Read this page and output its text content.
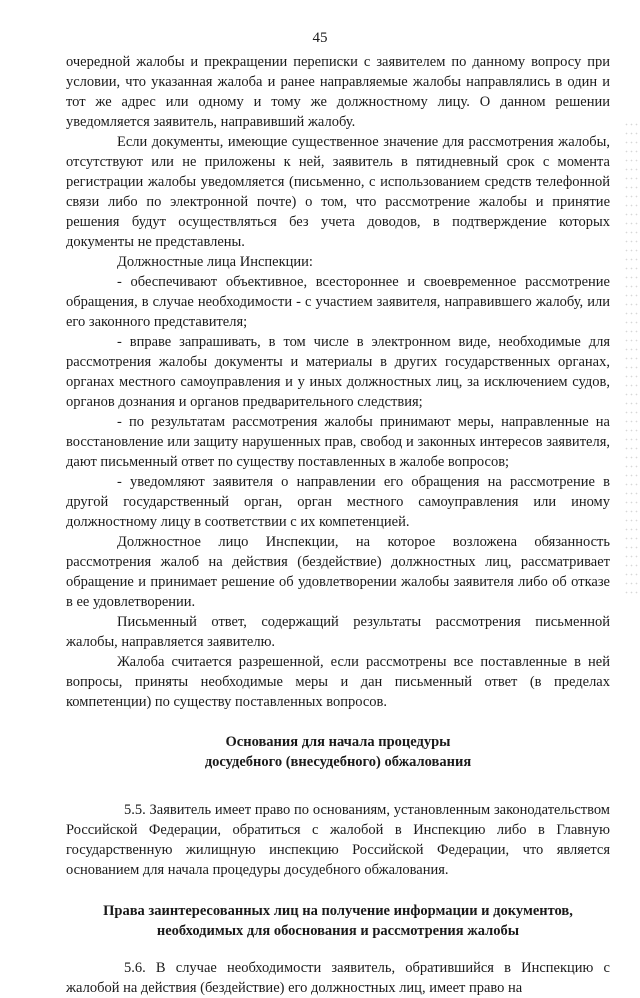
45

очередной жалобы и прекращении переписки с заявителем по данному вопросу при условии, что указанная жалоба и ранее направляемые жалобы направлялись в один и тот же адрес или одному и тому же должностному лицу. О данном решении уведомляется заявитель, направивший жалобу.

Если документы, имеющие существенное значение для рассмотрения жалобы, отсутствуют или не приложены к ней, заявитель в пятидневный срок с момента регистрации жалобы уведомляется (письменно, с использованием средств телефонной связи либо по электронной почте) о том, что рассмотрение жалобы и принятие решения будут осуществляться без учета доводов, в подтверждение которых документы не представлены.

Должностные лица Инспекции:

- обеспечивают объективное, всестороннее и своевременное рассмотрение обращения, в случае необходимости - с участием заявителя, направившего жалобу, или его законного представителя;

- вправе запрашивать, в том числе в электронном виде, необходимые для рассмотрения жалобы документы и материалы в других государственных органах, органах местного самоуправления и у иных должностных лиц, за исключением судов, органов дознания и органов предварительного следствия;

- по результатам рассмотрения жалобы принимают меры, направленные на восстановление или защиту нарушенных прав, свобод и законных интересов заявителя, дают письменный ответ по существу поставленных в жалобе вопросов;

- уведомляют заявителя о направлении его обращения на рассмотрение в другой государственный орган, орган местного самоуправления или иному должностному лицу в соответствии с их компетенцией.

Должностное лицо Инспекции, на которое возложена обязанность рассмотрения жалоб на действия (бездействие) должностных лиц, рассматривает обращение и принимает решение об удовлетворении жалобы заявителя либо об отказе в ее удовлетворении.

Письменный ответ, содержащий результаты рассмотрения письменной жалобы, направляется заявителю.

Жалоба считается разрешенной, если рассмотрены все поставленные в ней вопросы, приняты необходимые меры и дан письменный ответ (в пределах компетенции) по существу поставленных вопросов.

Основания для начала процедуры

досудебного (внесудебного) обжалования

5.5. Заявитель имеет право по основаниям, установленным законодательством Российской Федерации, обратиться с жалобой в Инспекцию либо в Главную государственную жилищную инспекцию Российской Федерации, что является основанием для начала процедуры досудебного обжалования.

Права заинтересованных лиц на получение информации и документов,

необходимых для обоснования и рассмотрения жалобы

5.6. В случае необходимости заявитель, обратившийся в Инспекцию с жалобой на действия (бездействие) его должностных лиц, имеет право на
